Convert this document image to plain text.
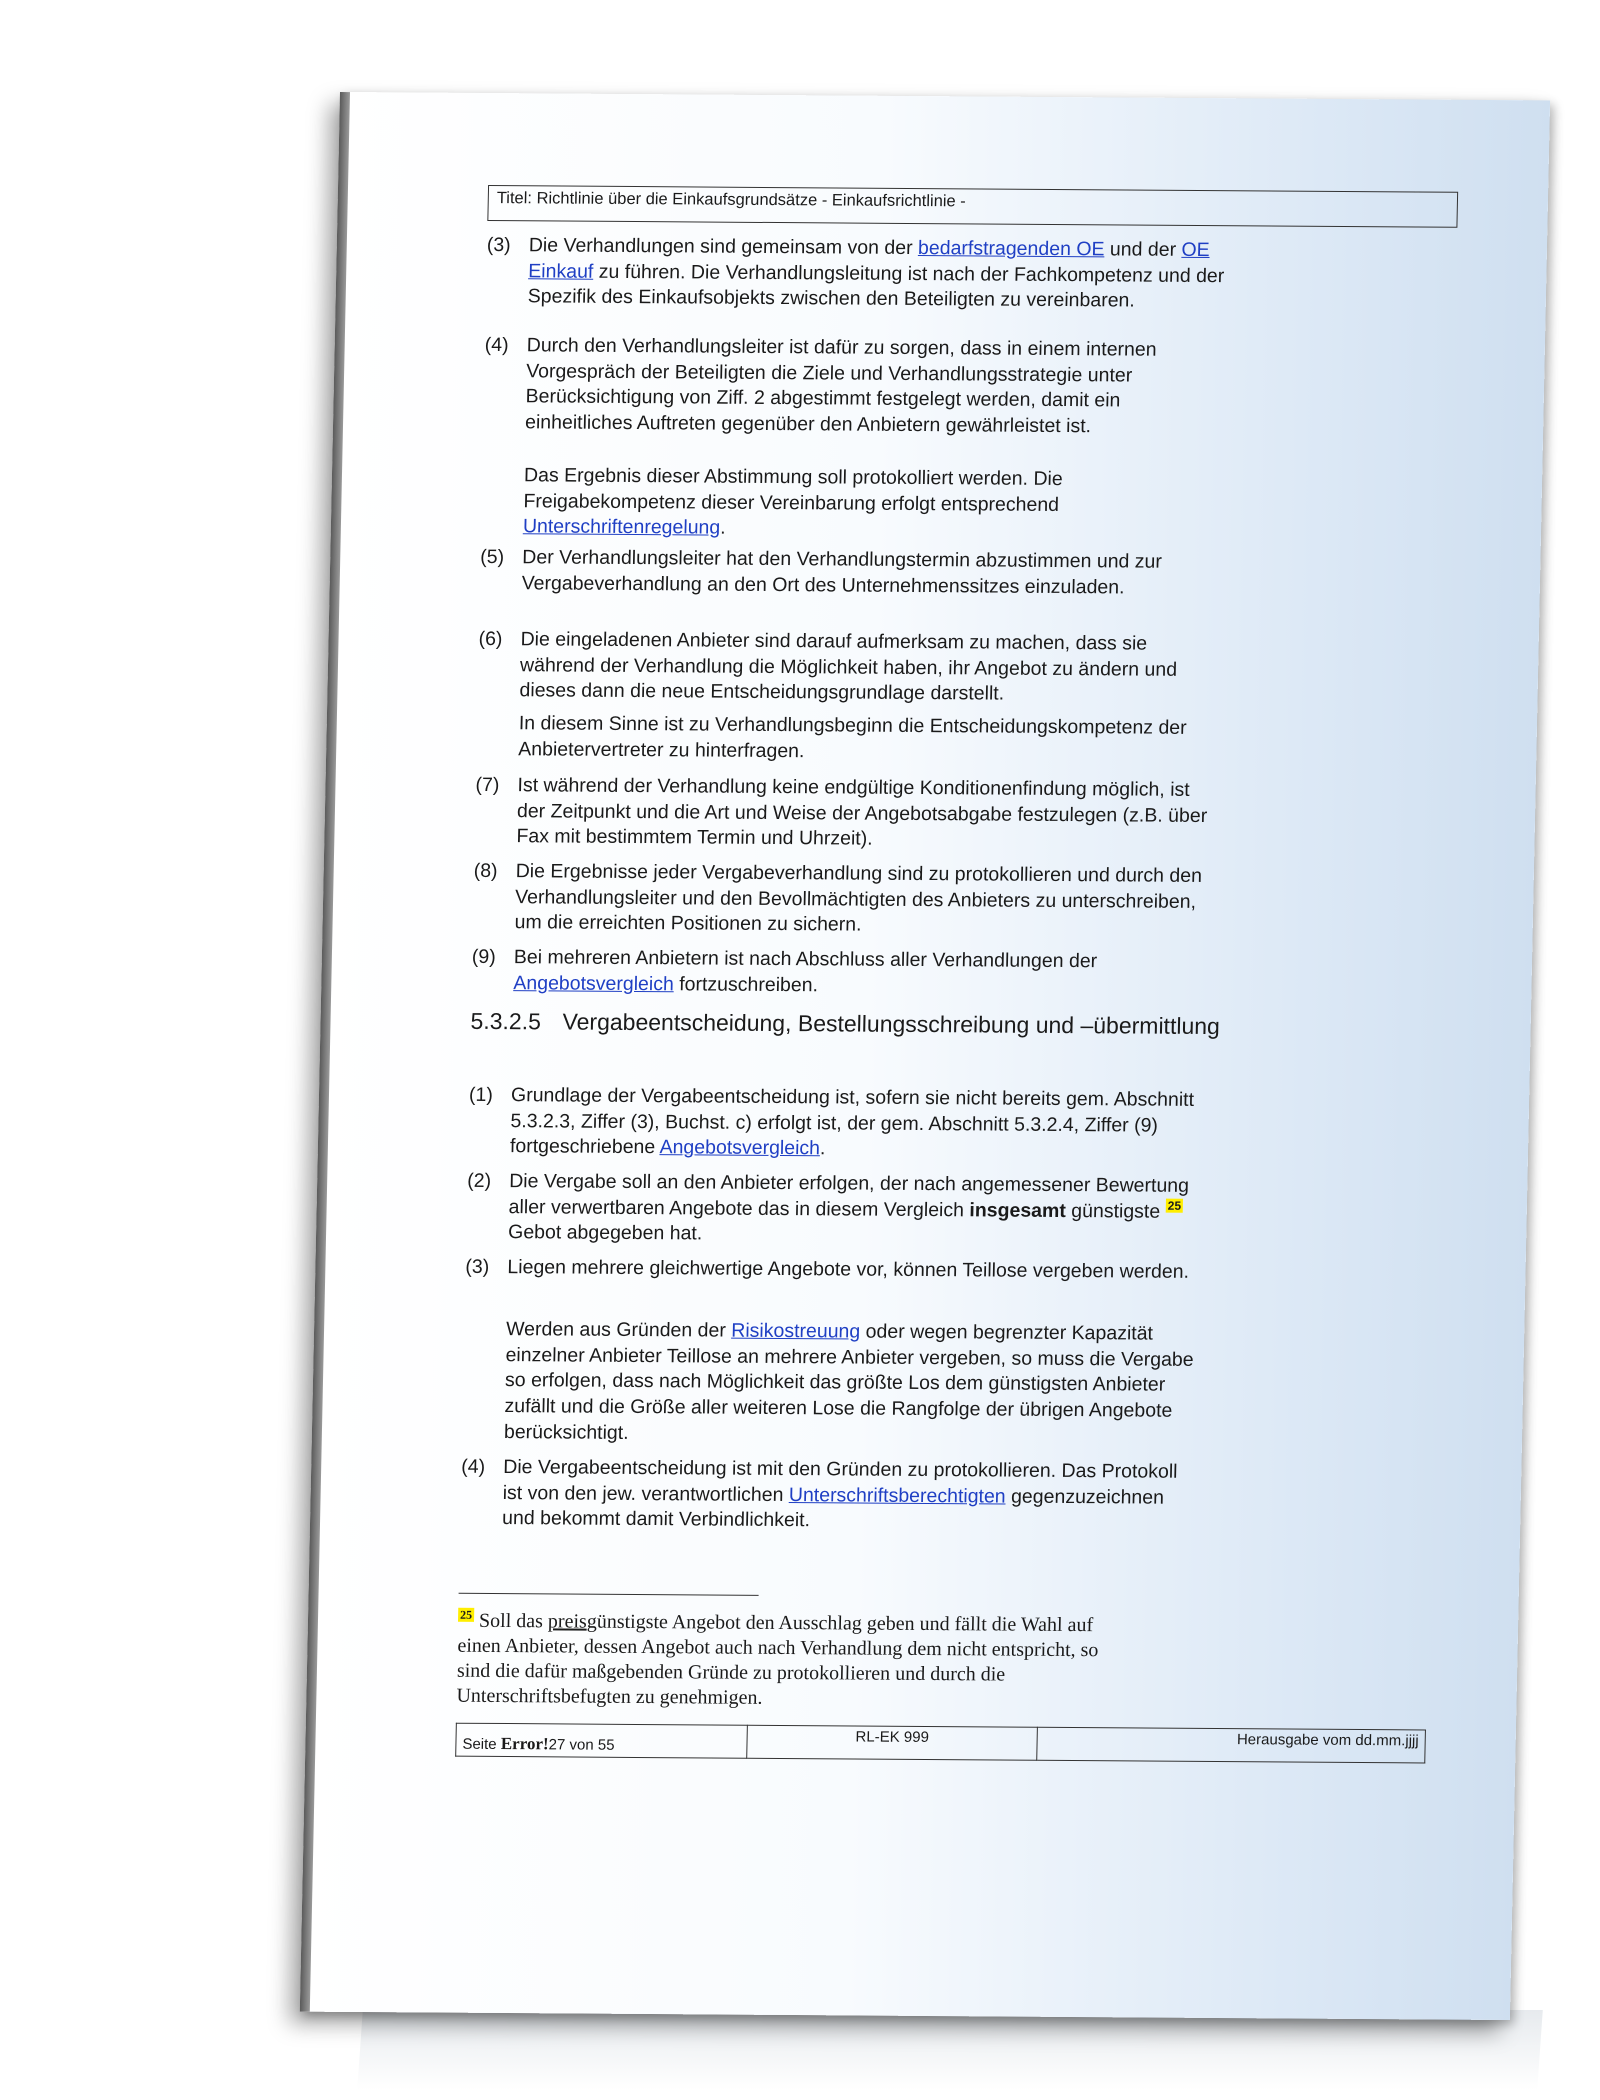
Titel: Richtlinie über die Einkaufsgrundsätze - Einkaufsrichtlinie -
(3) Die Verhandlungen sind gemeinsam von der bedarfstragenden OE und der OE Einkauf zu führen. Die Verhandlungsleitung ist nach der Fachkompetenz und der Spezifik des Einkaufsobjekts zwischen den Beteiligten zu vereinbaren.
(4) Durch den Verhandlungsleiter ist dafür zu sorgen, dass in einem internen Vorgespräch der Beteiligten die Ziele und Verhandlungsstrategie unter Berücksichtigung von Ziff. 2 abgestimmt festgelegt werden, damit ein einheitliches Auftreten gegenüber den Anbietern gewährleistet ist.
Das Ergebnis dieser Abstimmung soll protokolliert werden. Die Freigabekompetenz dieser Vereinbarung erfolgt entsprechend Unterschriftenregelung.
(5) Der Verhandlungsleiter hat den Verhandlungstermin abzustimmen und zur Vergabeverhandlung an den Ort des Unternehmenssitzes einzuladen.
(6) Die eingeladenen Anbieter sind darauf aufmerksam zu machen, dass sie während der Verhandlung die Möglichkeit haben, ihr Angebot zu ändern und dieses dann die neue Entscheidungsgrundlage darstellt.
In diesem Sinne ist zu Verhandlungsbeginn die Entscheidungskompetenz der Anbietervertreter zu hinterfragen.
(7) Ist während der Verhandlung keine endgültige Konditionenfindung möglich, ist der Zeitpunkt und die Art und Weise der Angebotsabgabe festzulegen (z.B. über Fax mit bestimmtem Termin und Uhrzeit).
(8) Die Ergebnisse jeder Vergabeverhandlung sind zu protokollieren und durch den Verhandlungsleiter und den Bevollmächtigten des Anbieters zu unterschreiben, um die erreichten Positionen zu sichern.
(9) Bei mehreren Anbietern ist nach Abschluss aller Verhandlungen der Angebotsvergleich fortzuschreiben.
5.3.2.5 Vergabeentscheidung, Bestellungsschreibung und –übermittlung
(1) Grundlage der Vergabeentscheidung ist, sofern sie nicht bereits gem. Abschnitt 5.3.2.3, Ziffer (3), Buchst. c) erfolgt ist, der gem. Abschnitt 5.3.2.4, Ziffer (9) fortgeschriebene Angebotsvergleich.
(2) Die Vergabe soll an den Anbieter erfolgen, der nach angemessener Bewertung aller verwertbaren Angebote das in diesem Vergleich insgesamt günstigste $^{25}$ Gebot abgegeben hat.
(3) Liegen mehrere gleichwertige Angebote vor, können Teillose vergeben werden.
Werden aus Gründen der Risikostreuung oder wegen begrenzter Kapazität einzelner Anbieter Teillose an mehrere Anbieter vergeben, so muss die Vergabe so erfolgen, dass nach Möglichkeit das größte Los dem günstigsten Anbieter zufällt und die Größe aller weiteren Lose die Rangfolge der übrigen Angebote berücksichtigt.
(4) Die Vergabeentscheidung ist mit den Gründen zu protokollieren. Das Protokoll ist von den jew. verantwortlichen Unterschriftsberechtigten gegenzuzeichnen und bekommt damit Verbindlichkeit.
$^{25}$ Soll das preisgünstigste Angebot den Ausschlag geben und fällt die Wahl auf einen Anbieter, dessen Angebot auch nach Verhandlung dem nicht entspricht, so sind die dafür maßgebenden Gründe zu protokollieren und durch die Unterschriftsbefugten zu genehmigen.
Seite Error!27 von 55	RL-EK 999	Herausgabe vom dd.mm.jjjj
